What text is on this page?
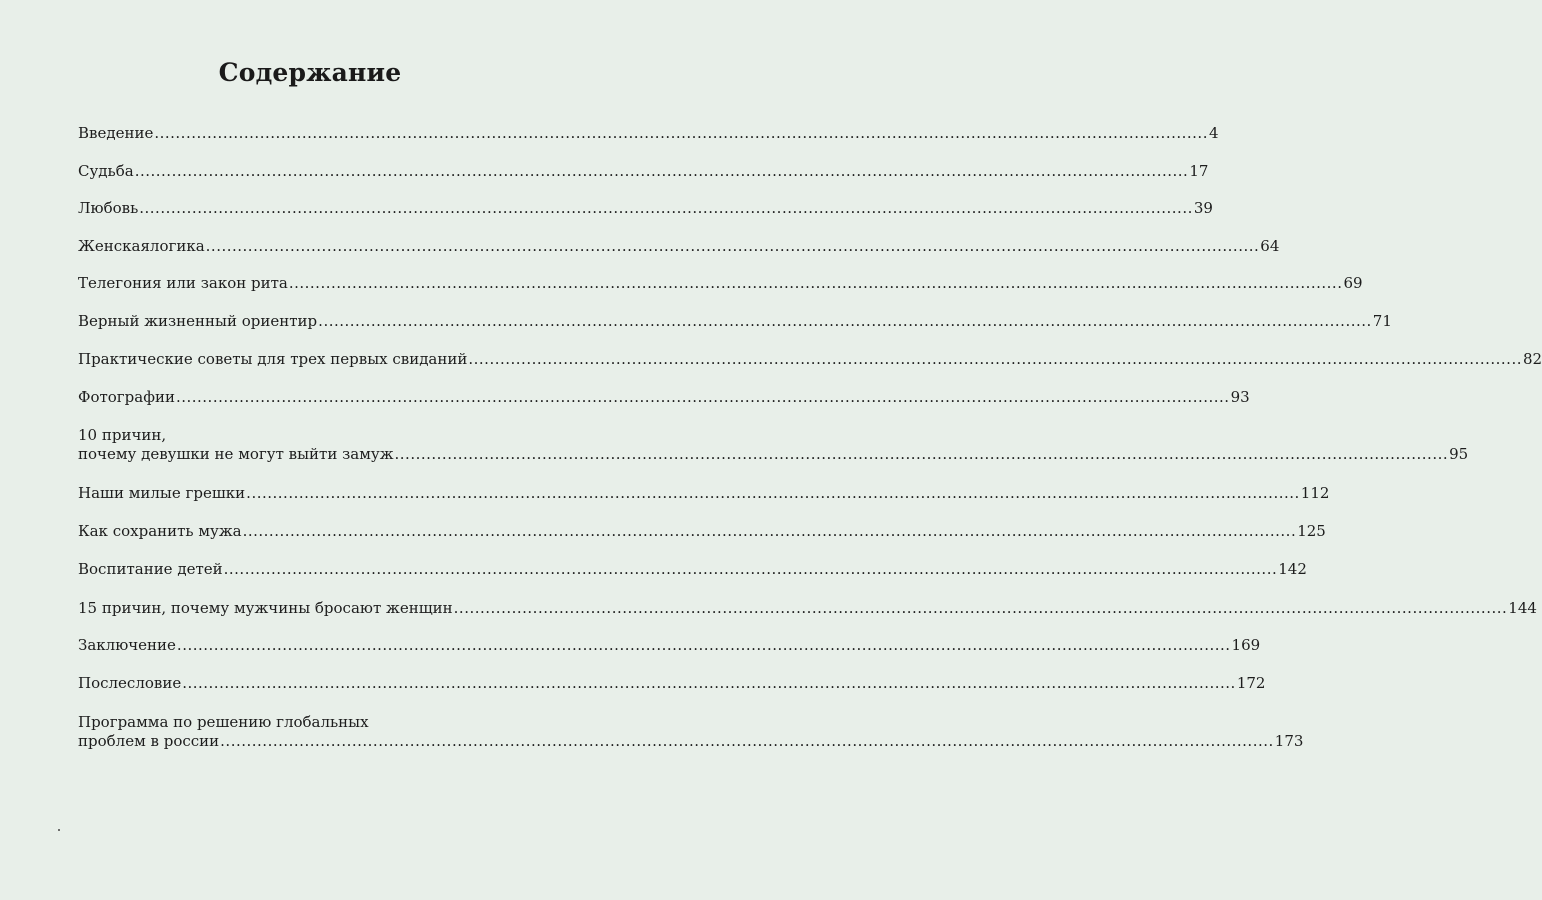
Содержание
Введение ........................................................................................................................................................................................................ 4
Судьба ........................................................................................................................................................................................................ 17
Любовь ........................................................................................................................................................................................................ 39
Женскаялогика ........................................................................................................................................................................................................ 64
Телегония или закон рита ........................................................................................................................................................................................................ 69
Верный жизненный ориентир ........................................................................................................................................................................................................ 71
Практические советы для трех первых свиданий ........................................................................................................................................................................................................ 82
Фотографии ........................................................................................................................................................................................................ 93
10 причин,
почему девушки не могут выйти замуж ........................................................................................................................................................................................................ 95
Наши милые грешки ........................................................................................................................................................................................................ 112
Как сохранить мужа ........................................................................................................................................................................................................ 125
Воспитание детей ........................................................................................................................................................................................................ 142
15 причин, почему мужчины бросают женщин ........................................................................................................................................................................................................ 144
Заключение ........................................................................................................................................................................................................ 169
Послесловие ........................................................................................................................................................................................................ 172
Программа по решению глобальных
проблем в россии ........................................................................................................................................................................................................ 173
